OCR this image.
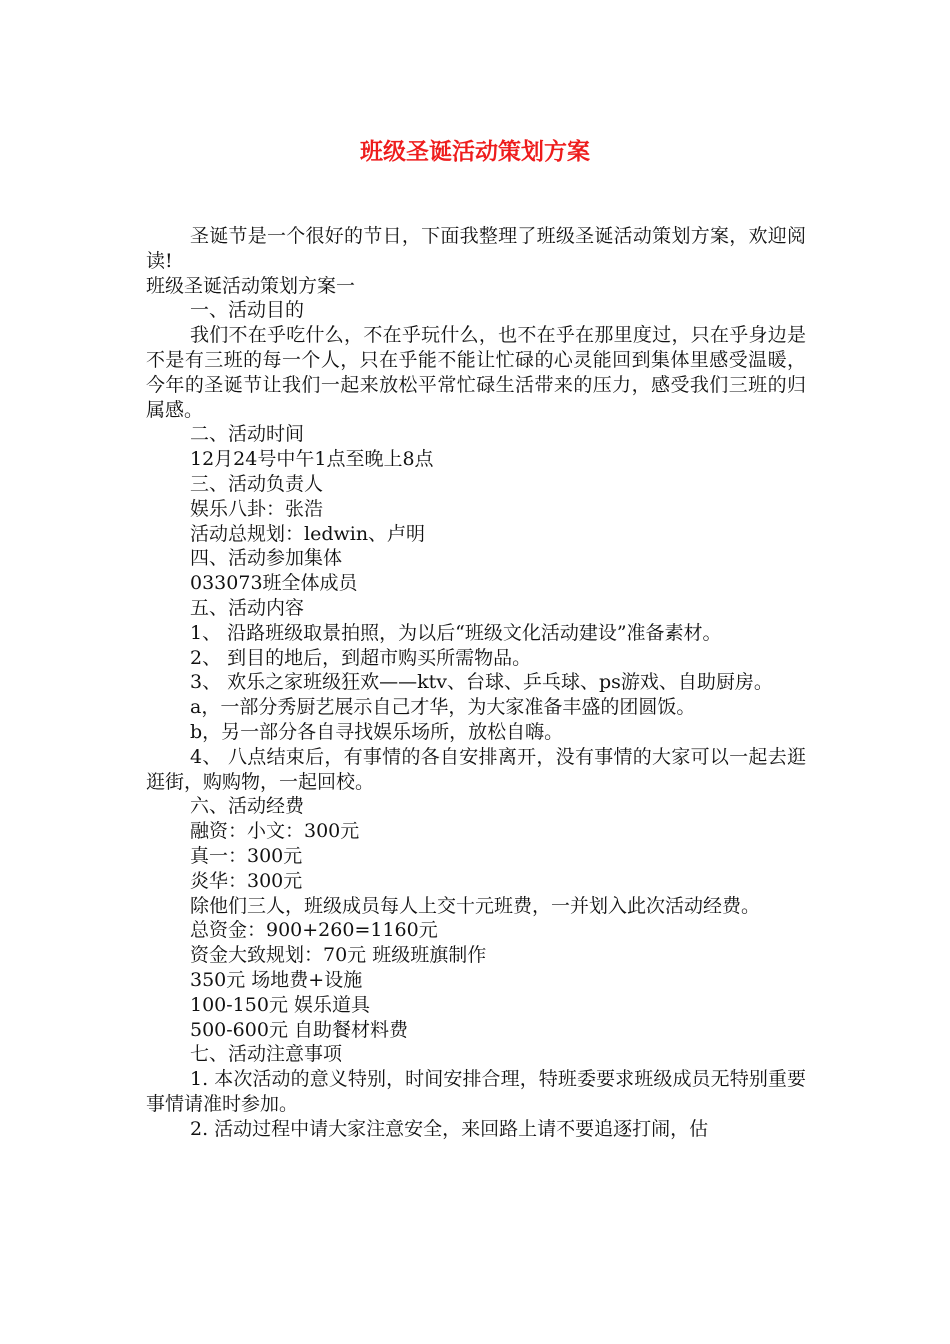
班级圣诞活动策划方案

圣诞节是一个很好的节日，下面我整理了班级圣诞活动策划方案，欢迎阅读!

班级圣诞活动策划方案一

一、活动目的

我们不在乎吃什么，不在乎玩什么，也不在乎在那里度过，只在乎身边是不是有三班的每一个人，只在乎能不能让忙碌的心灵能回到集体里感受温暖，今年的圣诞节让我们一起来放松平常忙碌生活带来的压力，感受我们三班的归属感。

二、活动时间

12月24号中午1点至晚上8点

三、活动负责人

娱乐八卦：张浩

活动总规划：ledwin、卢明

四、活动参加集体

033073班全体成员

五、活动内容

1、 沿路班级取景拍照，为以后“班级文化活动建设”准备素材。

2、 到目的地后，到超市购买所需物品。

3、 欢乐之家班级狂欢——ktv、台球、乒乓球、ps游戏、自助厨房。

a，一部分秀厨艺展示自己才华，为大家准备丰盛的团圆饭。

b，另一部分各自寻找娱乐场所，放松自嗨。

4、 八点结束后，有事情的各自安排离开，没有事情的大家可以一起去逛逛街，购购物，一起回校。

六、活动经费

融资：小文：300元

真一：300元

炎华：300元

除他们三人，班级成员每人上交十元班费，一并划入此次活动经费。

总资金：900+260=1160元

资金大致规划：70元 班级班旗制作

350元 场地费+设施

100-150元 娱乐道具

500-600元 自助餐材料费

七、活动注意事项

1. 本次活动的意义特别，时间安排合理，特班委要求班级成员无特别重要事情请准时参加。

2. 活动过程中请大家注意安全，来回路上请不要追逐打闹，估
